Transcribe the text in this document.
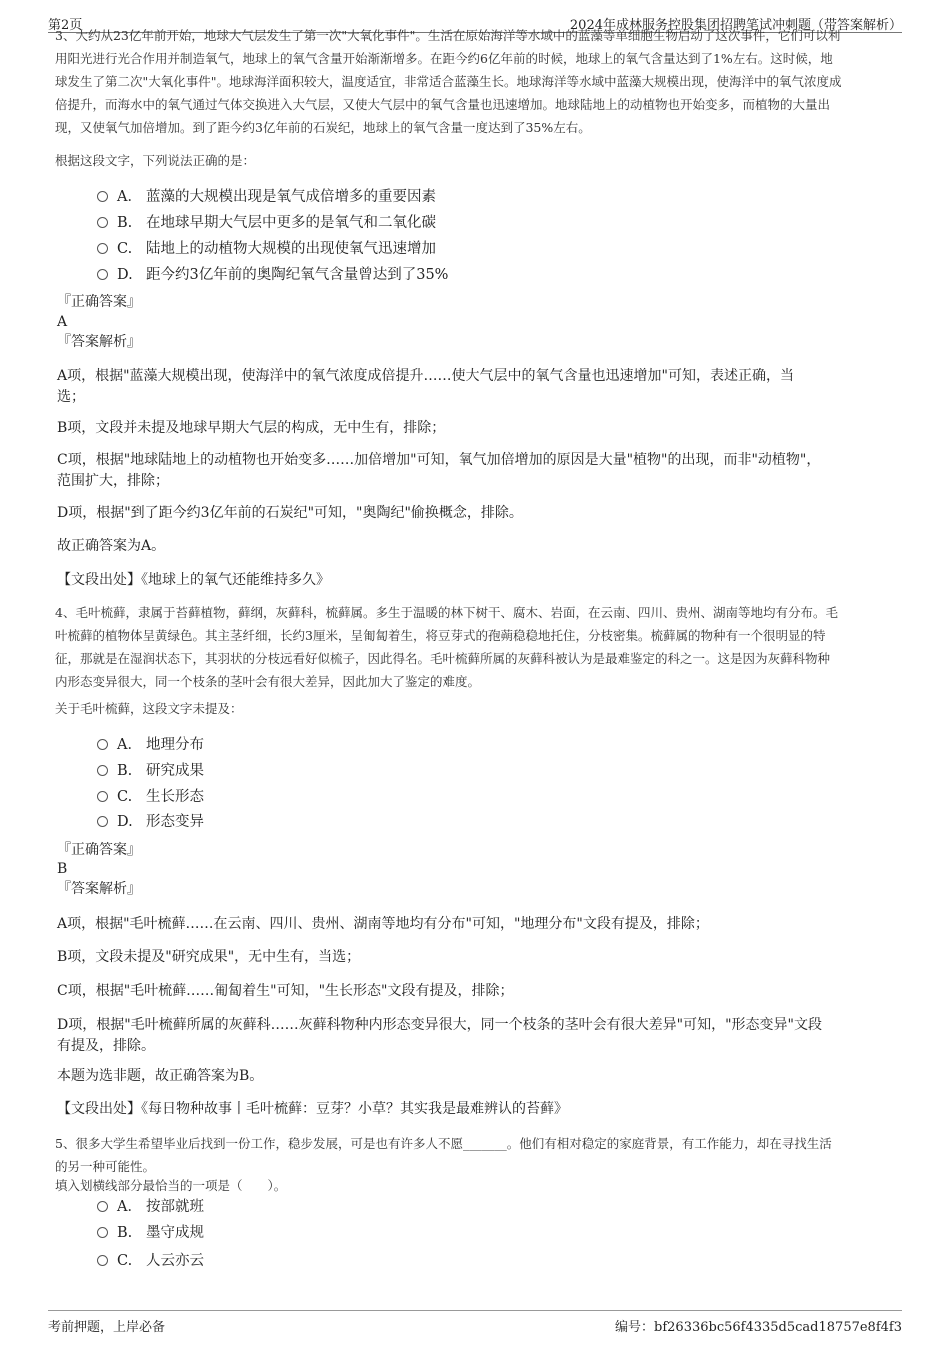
第2页	2024年成林服务控股集团招聘笔试冲刺题（带答案解析）
3、大约从23亿年前开始，地球大气层发生了第一次"大氧化事件"。生活在原始海洋等水域中的蓝藻等单细胞生物启动了这次事件，它们可以利
用阳光进行光合作用并制造氧气，地球上的氧气含量开始渐渐增多。在距今约6亿年前的时候，地球上的氧气含量达到了1%左右。这时候，地
球发生了第二次"大氧化事件"。地球海洋面积较大，温度适宜，非常适合蓝藻生长。地球海洋等水域中蓝藻大规模出现，使海洋中的氧气浓度成
倍提升，而海水中的氧气通过气体交换进入大气层，又使大气层中的氧气含量也迅速增加。地球陆地上的动植物也开始变多，而植物的大量出
现，又使氧气加倍增加。到了距今约3亿年前的石炭纪，地球上的氧气含量一度达到了35%左右。
根据这段文字，下列说法正确的是：
A． 蓝藻的大规模出现是氧气成倍增多的重要因素
B. 在地球早期大气层中更多的是氧气和二氧化碳
C. 陆地上的动植物大规模的出现使氧气迅速增加
D. 距今约3亿年前的奥陶纪氧气含量曾达到了35%
『正确答案』
A
『答案解析』
A项，根据"蓝藻大规模出现，使海洋中的氧气浓度成倍提升……使大气层中的氧气含量也迅速增加"可知，表述正确，当
选；
B项，文段并未提及地球早期大气层的构成，无中生有，排除；
C项，根据"地球陆地上的动植物也开始变多……加倍增加"可知，氧气加倍增加的原因是大量"植物"的出现，而非"动植物"，
范围扩大，排除；
D项，根据"到了距今约3亿年前的石炭纪"可知，"奥陶纪"偷换概念，排除。
故正确答案为A。
【文段出处】《地球上的氧气还能维持多久》
4、毛叶梳藓，隶属于苔藓植物，藓纲，灰藓科，梳藓属。多生于温暖的林下树干、腐木、岩面，在云南、四川、贵州、湖南等地均有分布。毛
叶梳藓的植物体呈黄绿色。其主茎纤细，长约3厘米，呈匍匐着生，将豆芽式的孢蒴稳稳地托住，分枝密集。梳藓属的物种有一个很明显的特
征，那就是在湿润状态下，其羽状的分枝远看好似梳子，因此得名。毛叶梳藓所属的灰藓科被认为是最难鉴定的科之一。这是因为灰藓科物种
内形态变异很大，同一个枝条的茎叶会有很大差异，因此加大了鉴定的难度。
关于毛叶梳藓，这段文字未提及：
A． 地理分布
B. 研究成果
C. 生长形态
D. 形态变异
『正确答案』
B
『答案解析』
A项，根据"毛叶梳藓……在云南、四川、贵州、湖南等地均有分布"可知，"地理分布"文段有提及，排除；
B项，文段未提及"研究成果"，无中生有，当选；
C项，根据"毛叶梳藓……匍匐着生"可知，"生长形态"文段有提及，排除；
D项，根据"毛叶梳藓所属的灰藓科……灰藓科物种内形态变异很大，同一个枝条的茎叶会有很大差异"可知，"形态变异"文段
有提及，排除。
本题为选非题，故正确答案为B。
【文段出处】《每日物种故事丨毛叶梳藓：豆芽？小草？其实我是最难辨认的苔藓》
5、很多大学生希望毕业后找到一份工作，稳步发展，可是也有许多人不愿_______。他们有相对稳定的家庭背景，有工作能力，却在寻找生活
的另一种可能性。
填入划横线部分最恰当的一项是（　　）。
A． 按部就班
B. 墨守成规
C. 人云亦云
考前押题，上岸必备	编号：bf26336bc56f4335d5cad18757e8f4f3
